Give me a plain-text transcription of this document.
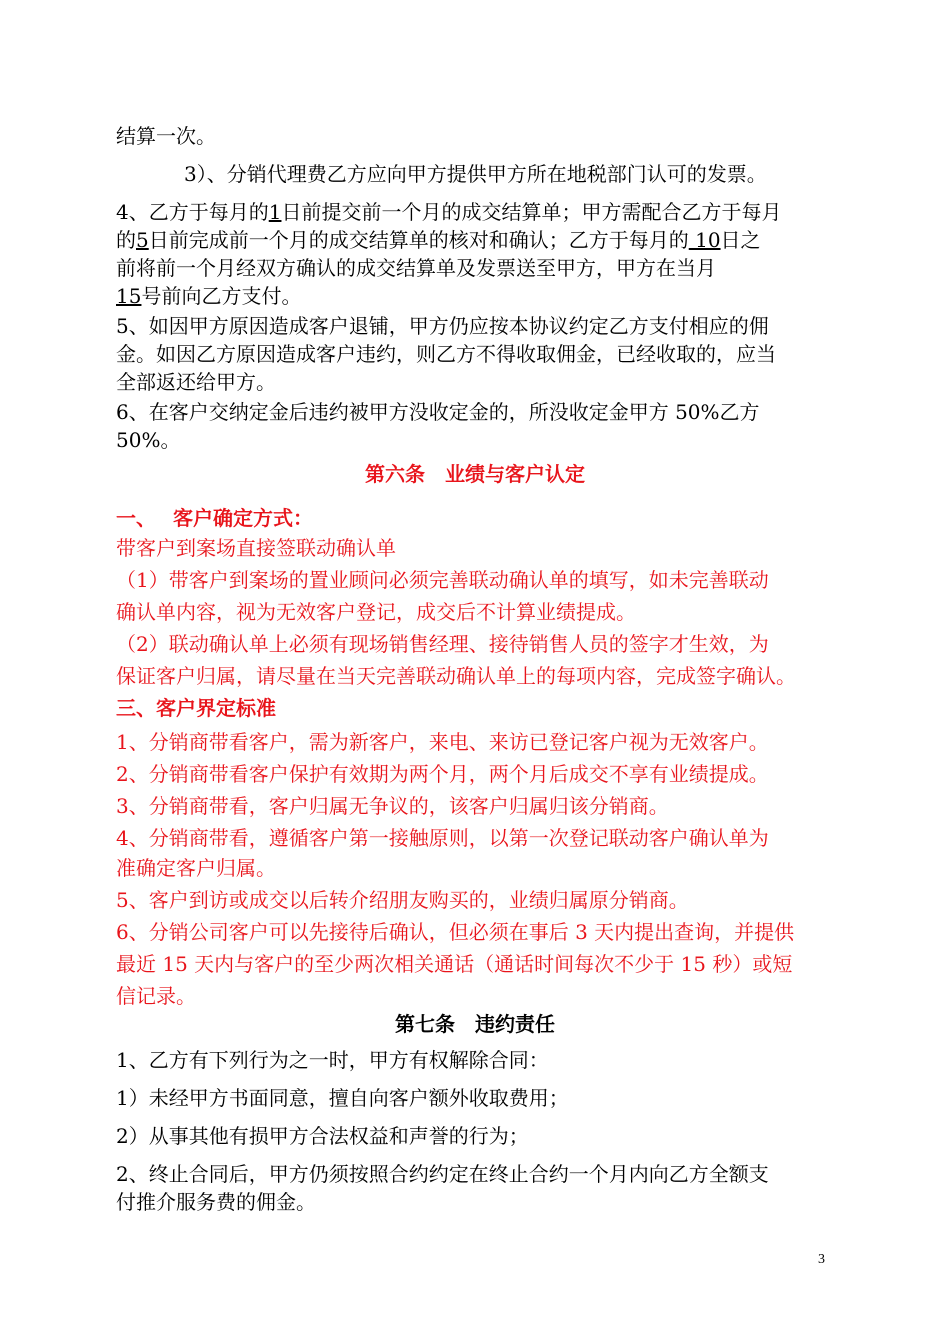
结算一次。
3）、分销代理费乙方应向甲方提供甲方所在地税部门认可的发票。
4、乙方于每月的1日前提交前一个月的成交结算单；甲方需配合乙方于每月
的5日前完成前一个月的成交结算单的核对和确认；乙方于每月的 10日之
前将前一个月经双方确认的成交结算单及发票送至甲方，甲方在当月
15号前向乙方支付。
5、如因甲方原因造成客户退铺，甲方仍应按本协议约定乙方支付相应的佣
金。如因乙方原因造成客户违约，则乙方不得收取佣金，已经收取的，应当
全部返还给甲方。
6、在客户交纳定金后违约被甲方没收定金的，所没收定金甲方 50%乙方
50%。
第六条　业绩与客户认定
一、　 客户确定方式：
带客户到案场直接签联动确认单
（1）带客户到案场的置业顾问必须完善联动确认单的填写，如未完善联动
确认单内容，视为无效客户登记，成交后不计算业绩提成。
（2）联动确认单上必须有现场销售经理、接待销售人员的签字才生效，为
保证客户归属，请尽量在当天完善联动确认单上的每项内容，完成签字确认。
三、客户界定标准
1、分销商带看客户，需为新客户，来电、来访已登记客户视为无效客户。
2、分销商带看客户保护有效期为两个月，两个月后成交不享有业绩提成。
3、分销商带看，客户归属无争议的，该客户归属归该分销商。
4、分销商带看，遵循客户第一接触原则，以第一次登记联动客户确认单为
准确定客户归属。
5、客户到访或成交以后转介绍朋友购买的，业绩归属原分销商。
6、分销公司客户可以先接待后确认，但必须在事后 3 天内提出查询，并提供
最近 15 天内与客户的至少两次相关通话（通话时间每次不少于 15 秒）或短
信记录。
第七条　违约责任
1、乙方有下列行为之一时，甲方有权解除合同：
1）未经甲方书面同意，擅自向客户额外收取费用；
2）从事其他有损甲方合法权益和声誉的行为；
2、终止合同后，甲方仍须按照合约约定在终止合约一个月内向乙方全额支
付推介服务费的佣金。
3
